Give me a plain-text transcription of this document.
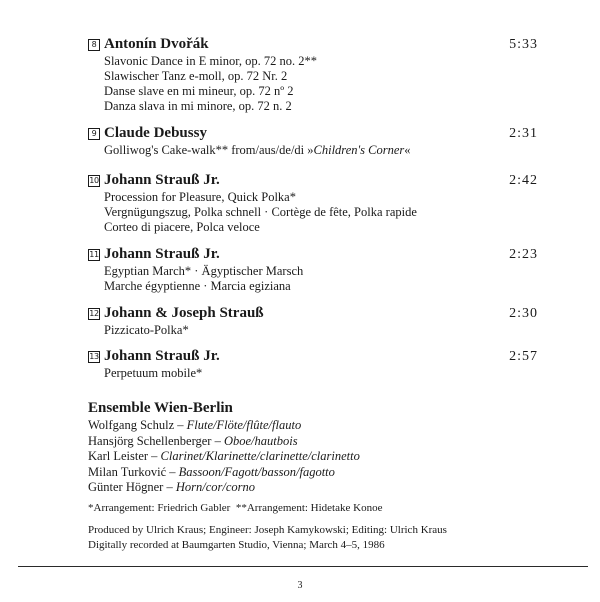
8 Antonín Dvořák	5:33
Slavonic Dance in E minor, op. 72 no. 2**
Slawischer Tanz e-moll, op. 72 Nr. 2
Danse slave en mi mineur, op. 72 nº 2
Danza slava in mi minore, op. 72 n. 2
9 Claude Debussy	2:31
Golliwog's Cake-walk** from/aus/de/di »Children's Corner«
10 Johann Strauß Jr.	2:42
Procession for Pleasure, Quick Polka*
Vergnügungszug, Polka schnell · Cortège de fête, Polka rapide
Corteo di piacere, Polca veloce
11 Johann Strauß Jr.	2:23
Egyptian March* · Ägyptischer Marsch
Marche égyptienne · Marcia egiziana
12 Johann & Joseph Strauß	2:30
Pizzicato-Polka*
13 Johann Strauß Jr.	2:57
Perpetuum mobile*
Ensemble Wien-Berlin
Wolfgang Schulz – Flute/Flöte/flûte/flauto
Hansjörg Schellenberger – Oboe/hautbois
Karl Leister – Clarinet/Klarinette/clarinette/clarinetto
Milan Turković – Bassoon/Fagott/basson/fagotto
Günter Högner – Horn/cor/corno
*Arrangement: Friedrich Gabler **Arrangement: Hidetake Konoe
Produced by Ulrich Kraus; Engineer: Joseph Kamykowski; Editing: Ulrich Kraus
Digitally recorded at Baumgarten Studio, Vienna; March 4–5, 1986
3
